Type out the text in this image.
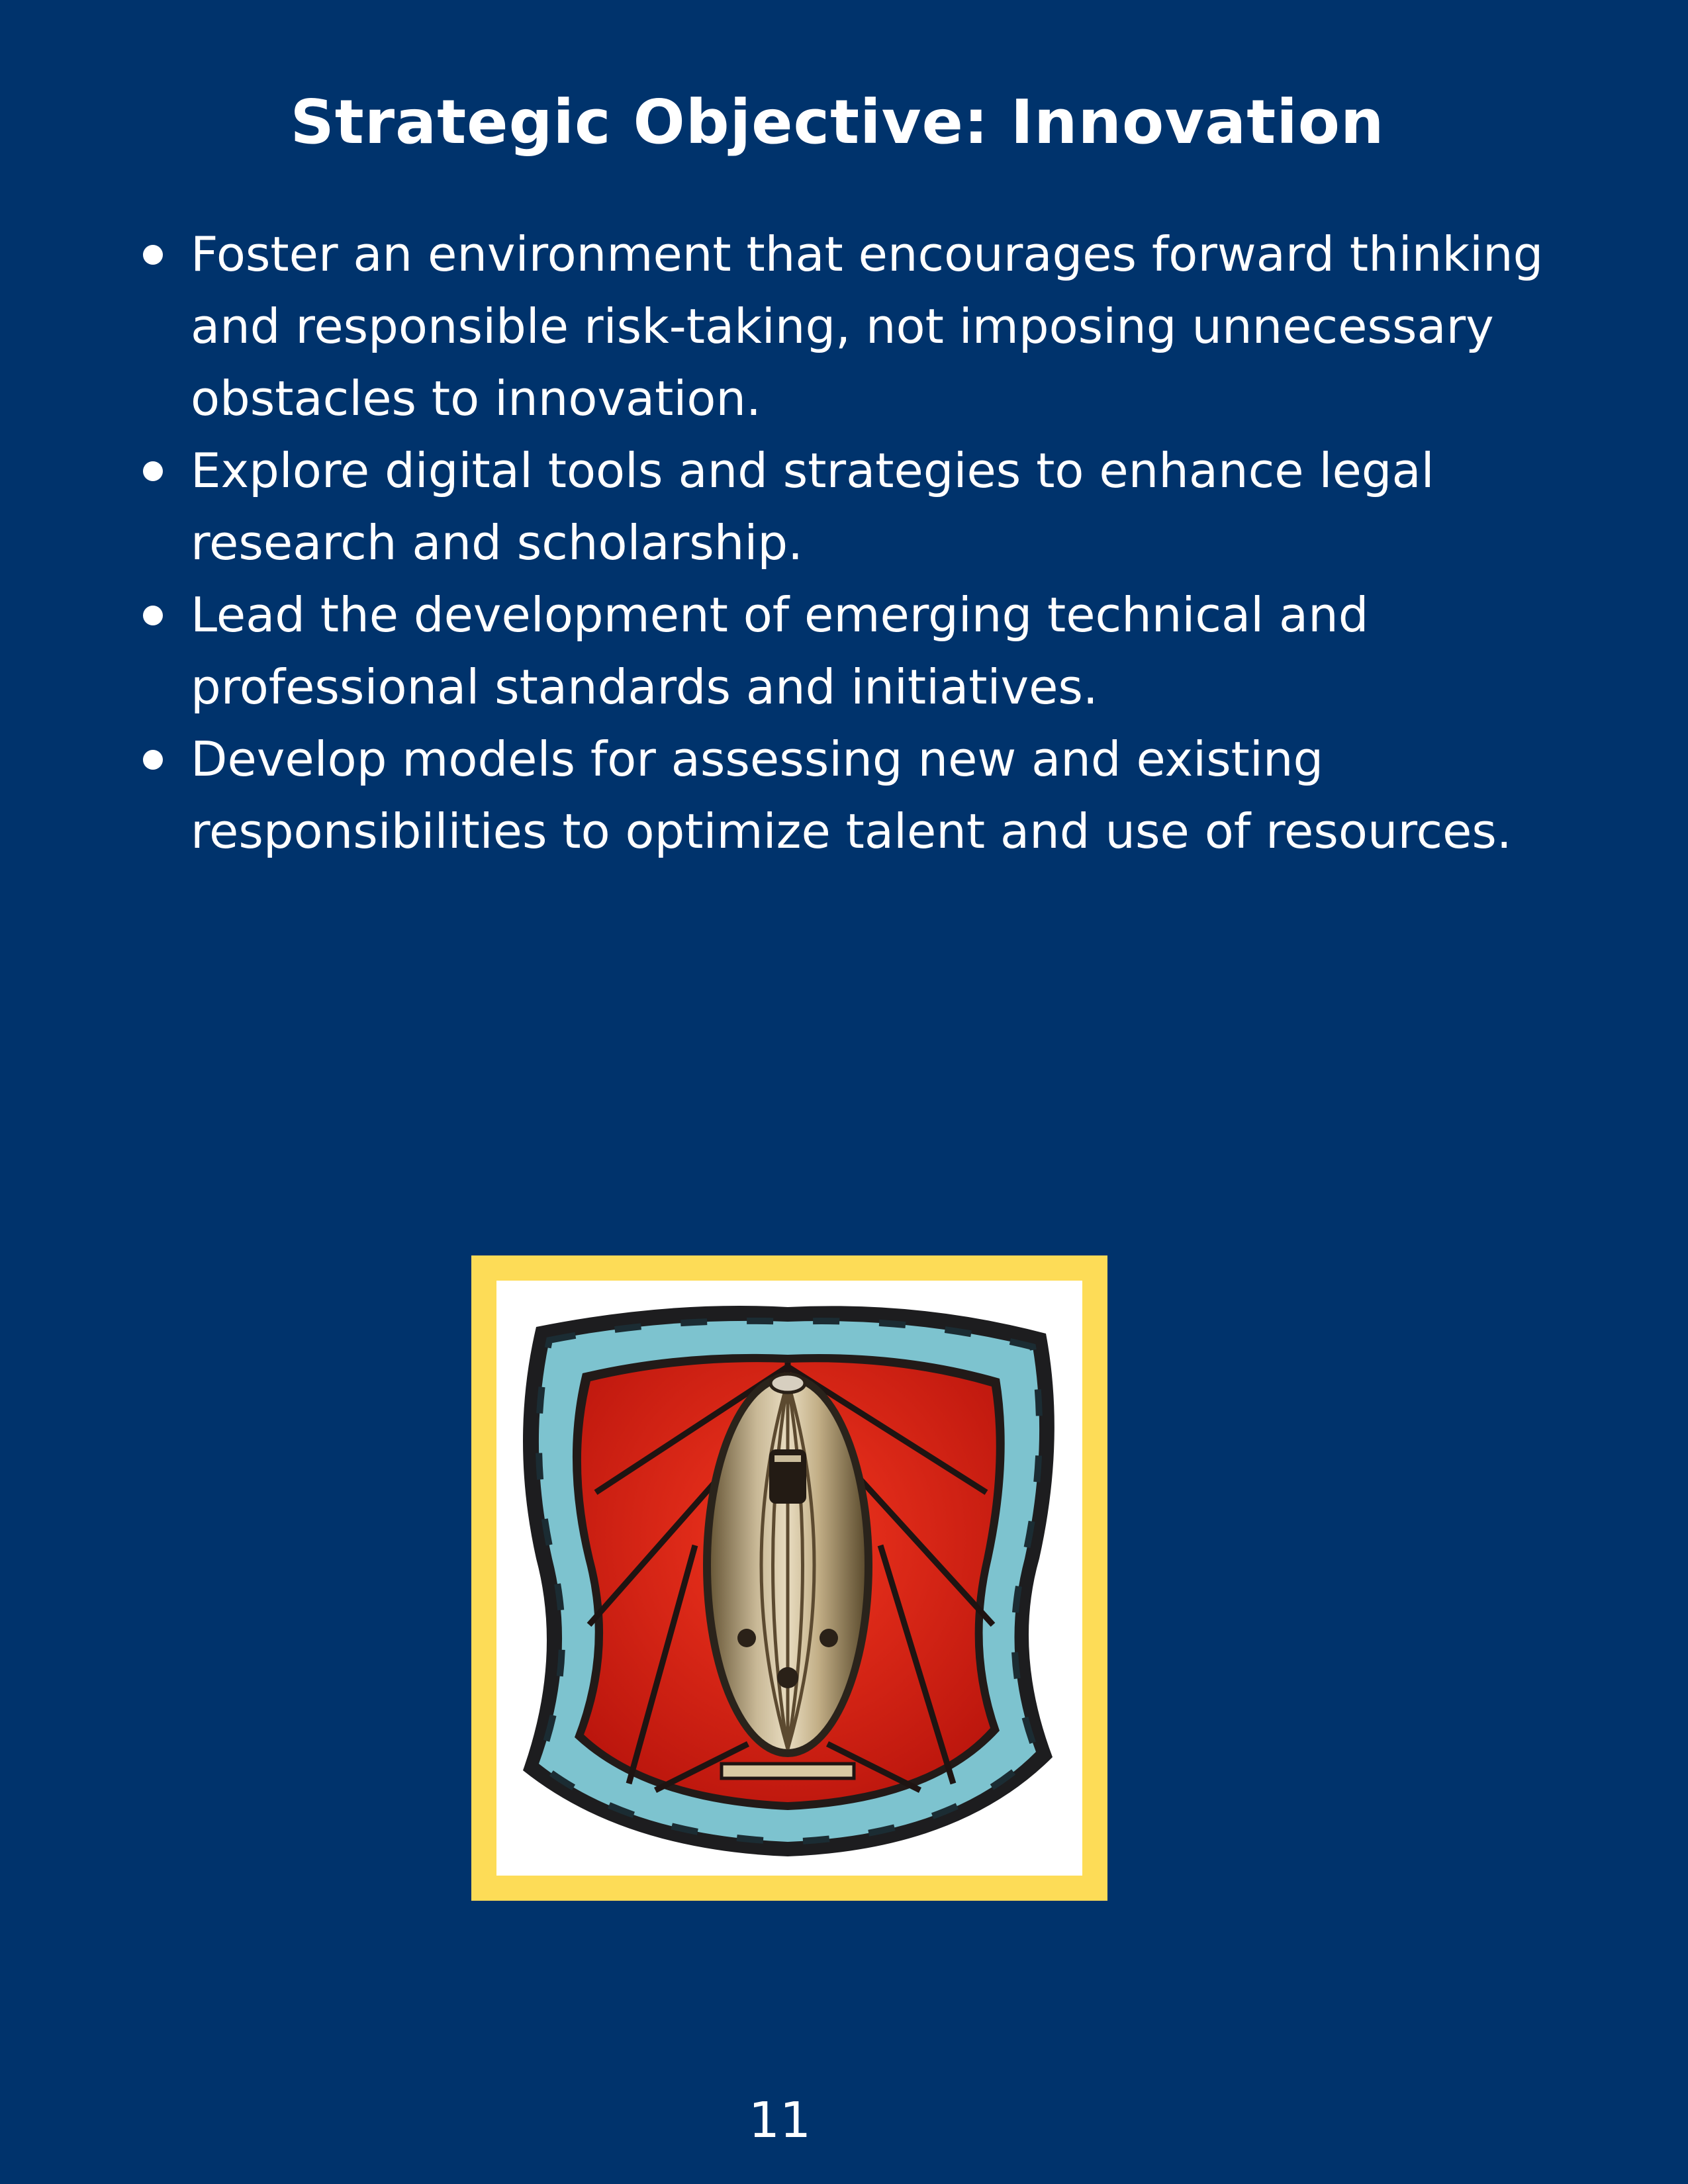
Strategic Objective: Innovation
Foster an environment that encourages forward thinking and responsible risk-taking, not imposing unnecessary obstacles to innovation.
Explore digital tools and strategies to enhance legal research and scholarship.
Lead the development of emerging technical and professional standards and initiatives.
Develop models for assessing new and existing responsibilities to optimize talent and use of resources.
11
